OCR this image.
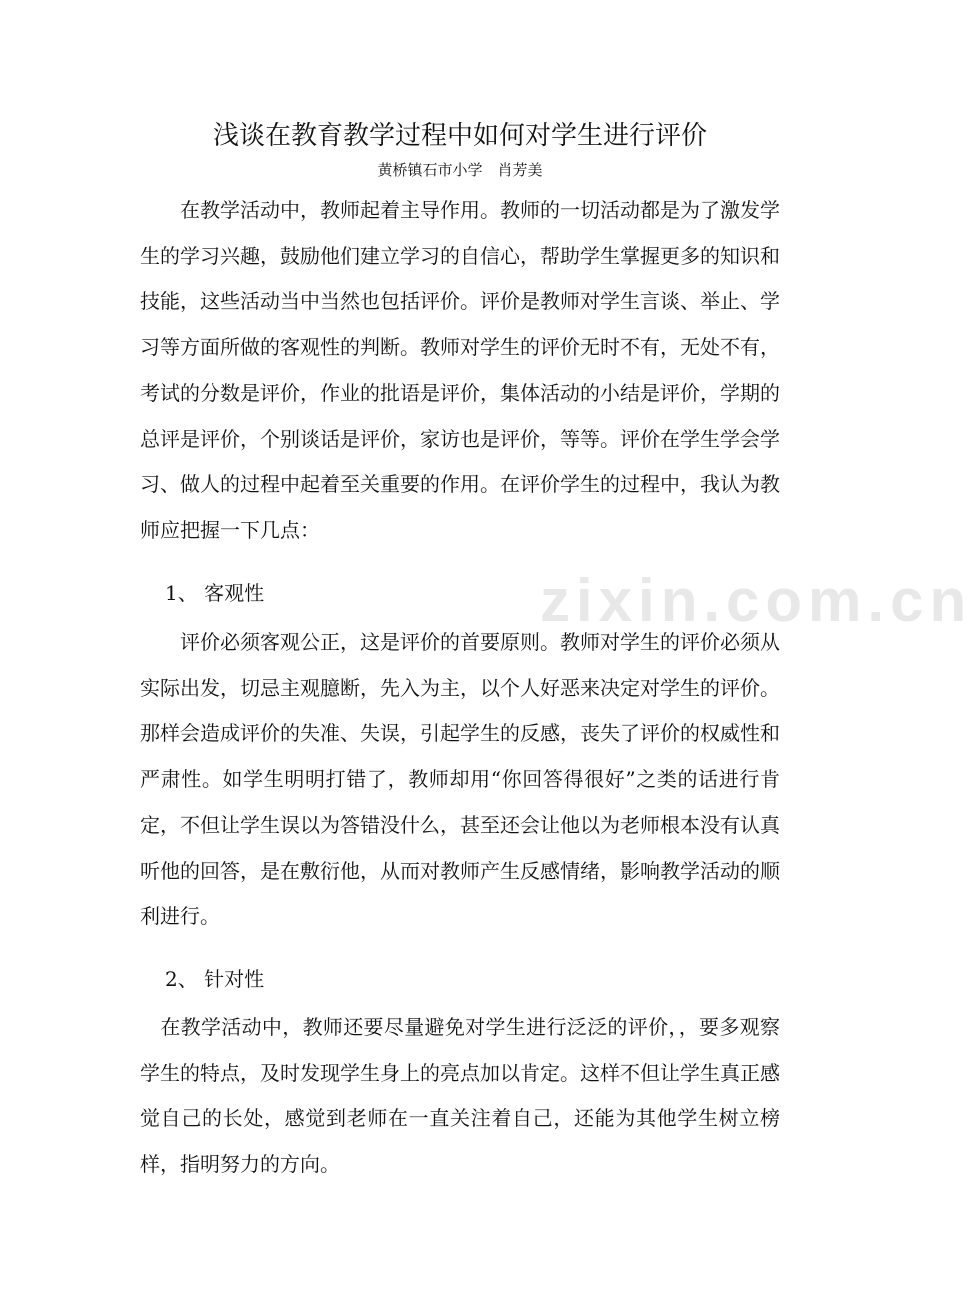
zixin.com.cn
浅谈在教育教学过程中如何对学生进行评价
黄桥镇石市小学　肖芳美

　　在教学活动中，教师起着主导作用。教师的一切活动都是为了激发学生的学习兴趣，鼓励他们建立学习的自信心，帮助学生掌握更多的知识和技能，这些活动当中当然也包括评价。评价是教师对学生言谈、举止、学习等方面所做的客观性的判断。教师对学生的评价无时不有，无处不有，考试的分数是评价，作业的批语是评价，集体活动的小结是评价，学期的总评是评价，个别谈话是评价，家访也是评价，等等。评价在学生学会学习、做人的过程中起着至关重要的作用。在评价学生的过程中，我认为教师应把握一下几点：

1、 客观性

　　评价必须客观公正，这是评价的首要原则。教师对学生的评价必须从实际出发，切忌主观臆断，先入为主，以个人好恶来决定对学生的评价。那样会造成评价的失准、失误，引起学生的反感，丧失了评价的权威性和严肃性。如学生明明打错了，教师却用“你回答得很好”之类的话进行肯定，不但让学生误以为答错没什么，甚至还会让他以为老师根本没有认真听他的回答，是在敷衍他，从而对教师产生反感情绪，影响教学活动的顺利进行。

2、 针对性

　在教学活动中，教师还要尽量避免对学生进行泛泛的评价，，要多观察学生的特点，及时发现学生身上的亮点加以肯定。这样不但让学生真正感觉自己的长处，感觉到老师在一直关注着自己，还能为其他学生树立榜样，指明努力的方向。
